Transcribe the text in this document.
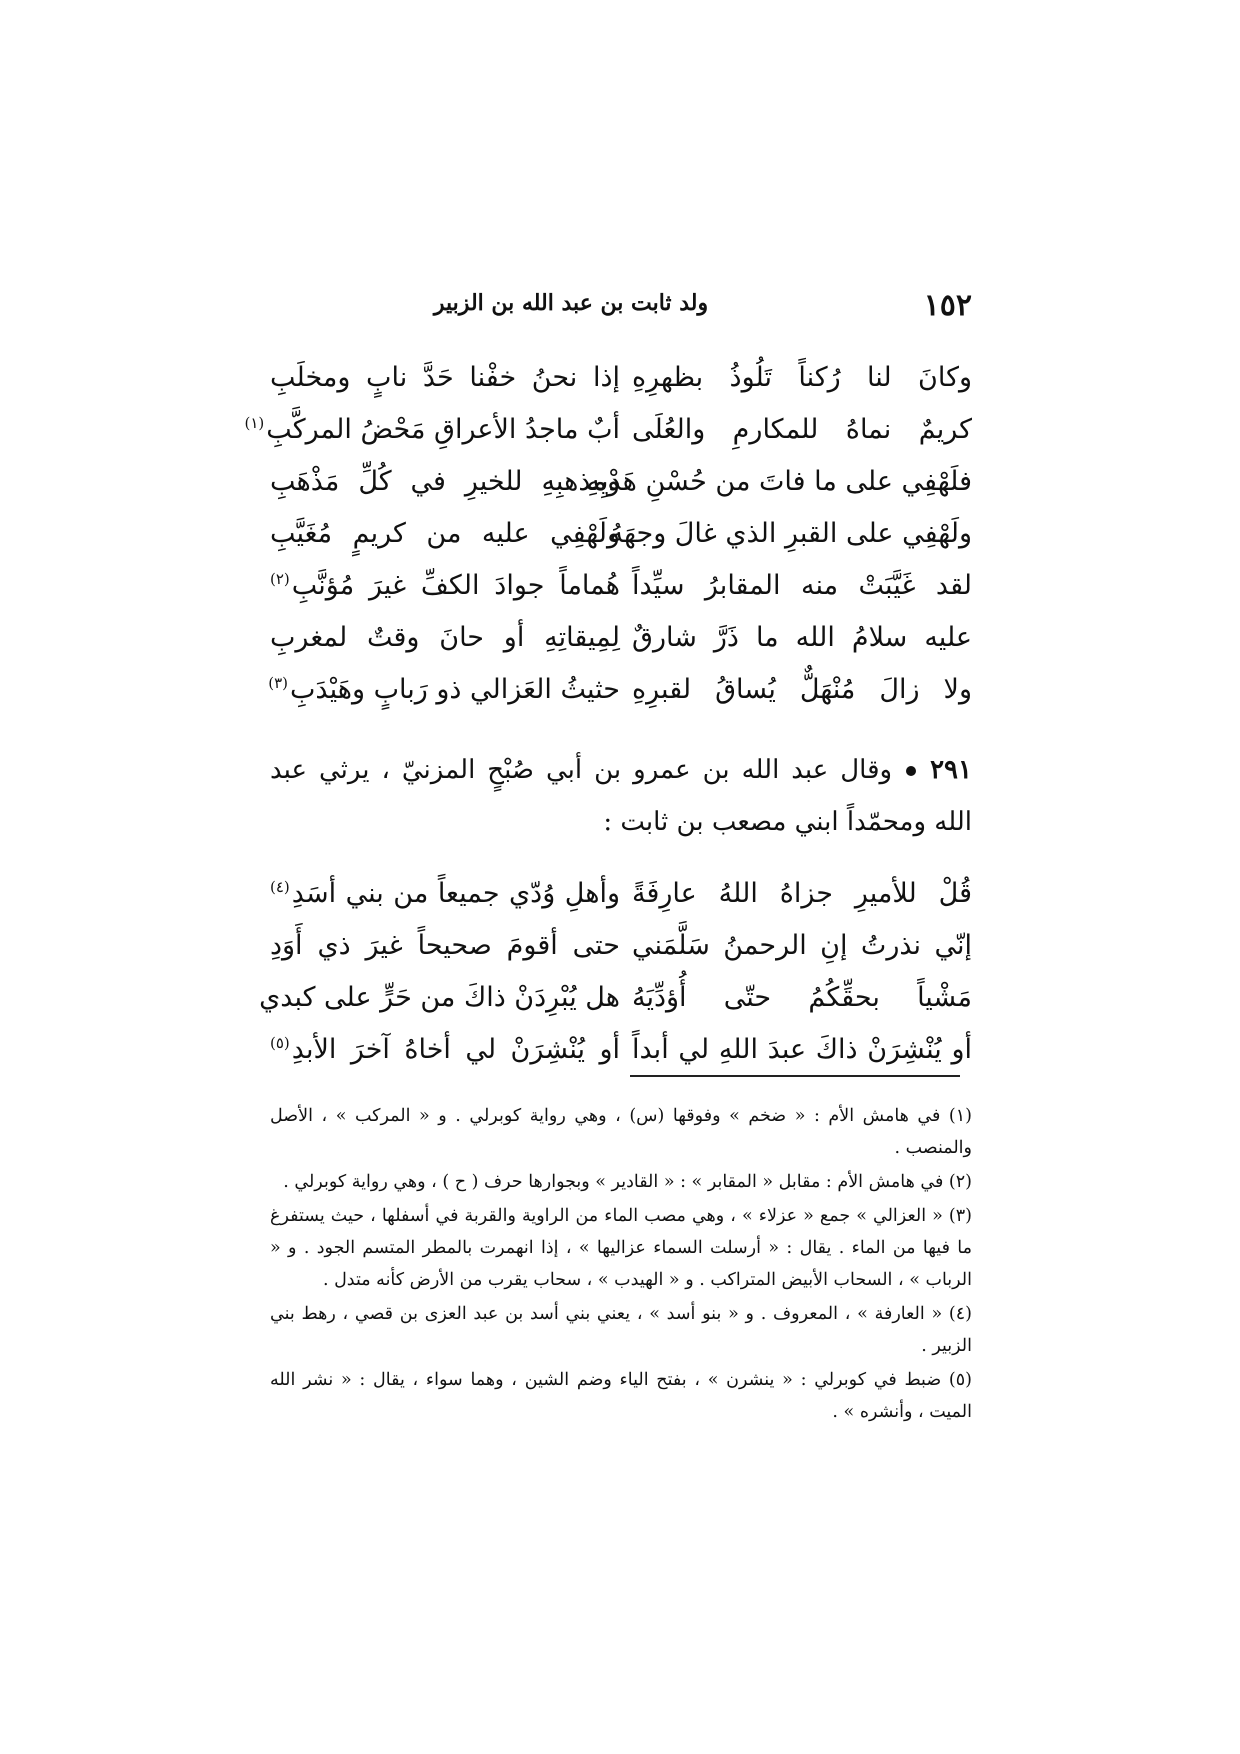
١٥٢
ولد ثابت بن عبد الله بن الزبير
وكانَ لنا رُكناً تَلُوذُ بظهرِهِ
إذا نحنُ خفْنا حَدَّ نابٍ ومخلَبِ
كريمٌ نماهُ للمكارمِ والعُلَى
أبٌ ماجدُ الأعراقِ مَحْضُ المركَّبِ$^{(١)}$
فلَهْفِي على ما فاتَ من حُسْنِ هَدْيِهِ
ومذهبِهِ للخيرِ في كُلِّ مَذْهَبِ
ولَهْفِي على القبرِ الذي غالَ وجهَهُ
ولَهْفِي عليه من كريمٍ مُغَيَّبِ
لقد غَيَّبَتْ منه المقابرُ سيِّداً
هُماماً جوادَ الكفِّ غيرَ مُؤنَّبِ$^{(٢)}$
عليه سلامُ الله ما ذَرَّ شارقٌ
لِمِيقاتِهِ أو حانَ وقتٌ لمغربِ
ولا زالَ مُنْهَلٌّ يُساقُ لقبرِهِ
حثيثُ العَزالي ذو رَبابٍ وهَيْدَبِ$^{(٣)}$
٢٩١وقال عبد الله بن عمرو بن أبي صُبْحٍ المزنيّ ، يرثي عبد الله ومحمّداً ابني مصعب بن ثابت :
قُلْ للأميرِ جزاهُ اللهُ عارِفَةً
وأهلِ وُدّي جميعاً من بني أسَدِ$^{(٤)}$
إنّي نذرتُ إنِ الرحمنُ سَلَّمَني
حتى أقومَ صحيحاً غيرَ ذي أَوَدِ
مَشْياً بحقِّكُمُ حتّى أُؤدِّيَهُ
هل يُبْرِدَنْ ذاكَ من حَرٍّ على كبدي
أو يُنْشِرَنْ ذاكَ عبدَ اللهِ لي أبداً
أو يُنْشِرَنْ لي أخاهُ آخرَ الأبدِ$^{(٥)}$

(١) في هامش الأم : « ضخم » وفوقها (س) ، وهي رواية كوبرلي . و « المركب » ، الأصل والمنصب .

(٢) في هامش الأم : مقابل « المقابر » : « القادير » وبجوارها حرف ( ح ) ، وهي رواية كوبرلي .

(٣) « العزالي » جمع « عزلاء » ، وهي مصب الماء من الراوية والقربة في أسفلها ، حيث يستفرغ ما فيها من الماء . يقال : « أرسلت السماء عزاليها » ، إذا انهمرت بالمطر المتسم الجود . و « الرباب » ، السحاب الأبيض المتراكب . و « الهيدب » ، سحاب يقرب من الأرض كأنه متدل .

(٤) « العارفة » ، المعروف . و « بنو أسد » ، يعني بني أسد بن عبد العزى بن قصي ، رهط بني الزبير .

(٥) ضبط في كوبرلي : « ينشرن » ، بفتح الياء وضم الشين ، وهما سواء ، يقال : « نشر الله الميت ، وأنشره » .
